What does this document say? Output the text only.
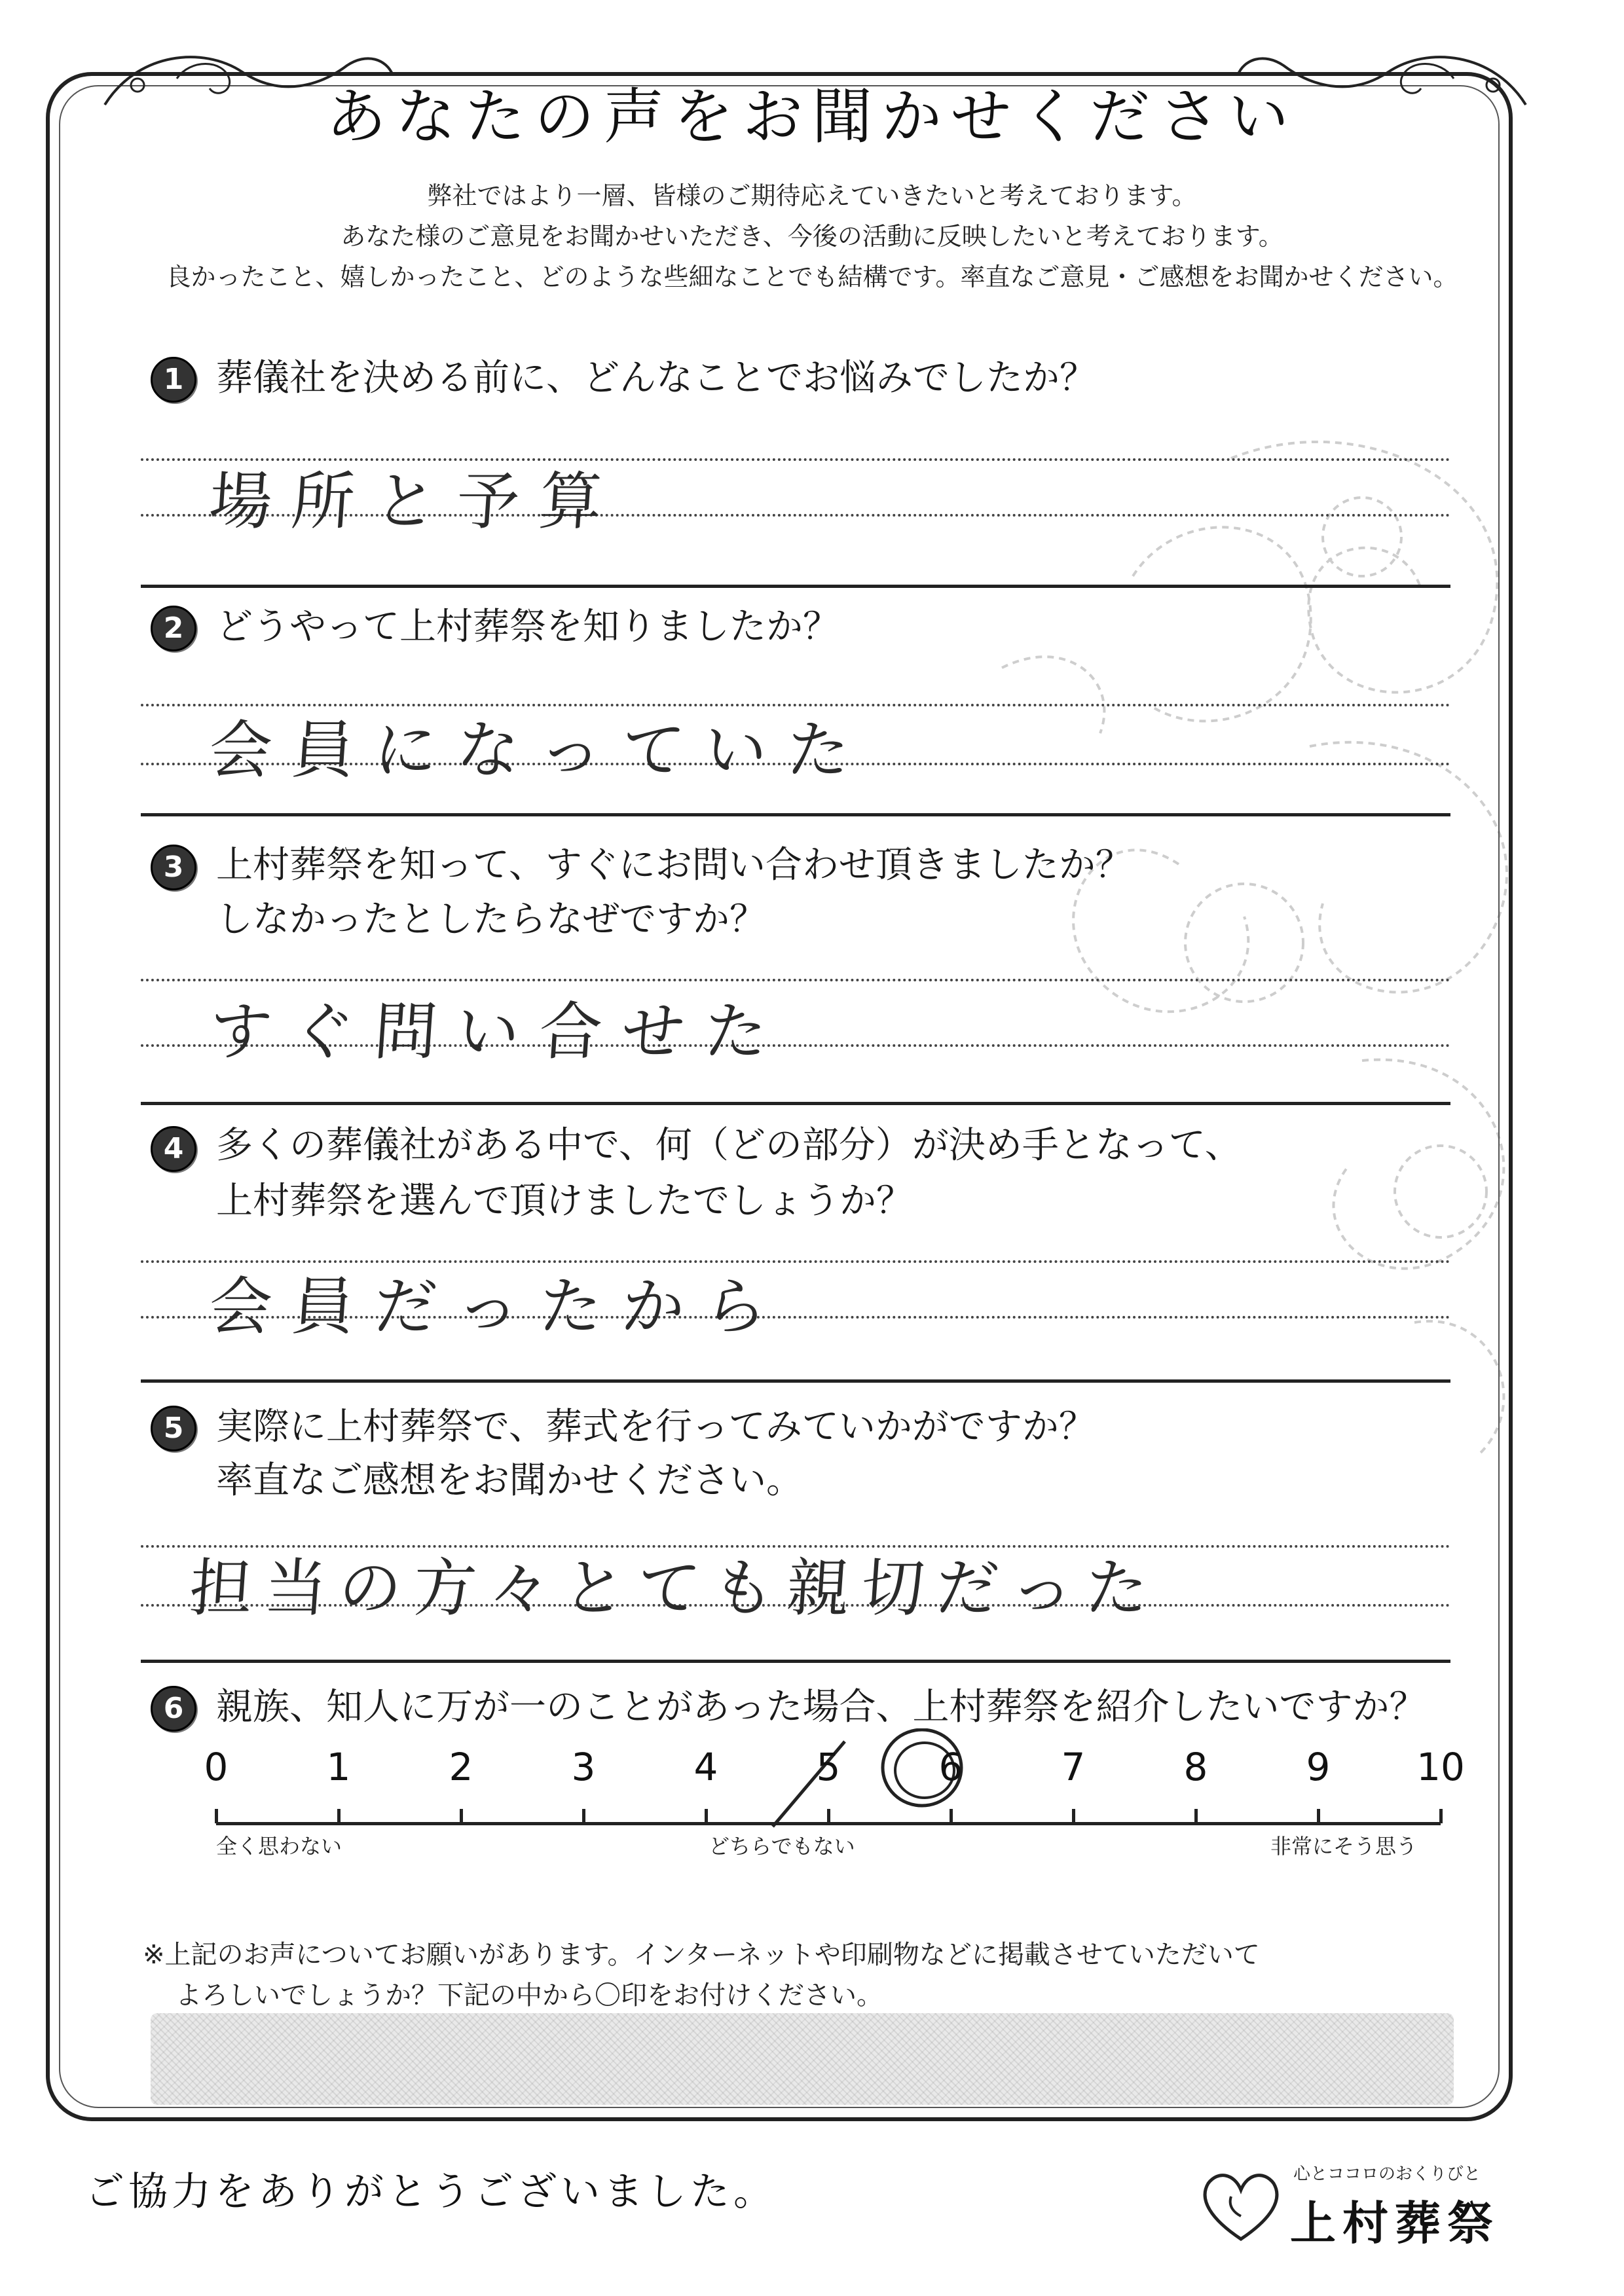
あなたの声をお聞かせください
弊社ではより一層、皆様のご期待応えていきたいと考えております。
あなた様のご意見をお聞かせいただき、今後の活動に反映したいと考えております。
良かったこと、嬉しかったこと、どのような些細なことでも結構です。率直なご意見・ご感想をお聞かせください。
1 葬儀社を決める前に、どんなことでお悩みでしたか？
場所と予算
2 どうやって上村葬祭を知りましたか？
会員になっていた
3 上村葬祭を知って、すぐにお問い合わせ頂きましたか？
しなかったとしたらなぜですか？
すぐ問い合せた
4 多くの葬儀社がある中で、何（どの部分）が決め手となって、
上村葬祭を選んで頂けましたでしょうか？
会員だったから
5 実際に上村葬祭で、葬式を行ってみていかがですか？
率直なご感想をお聞かせください。
担当の方々とても親切だった
6 親族、知人に万が一のことがあった場合、上村葬祭を紹介したいですか？
全く思わない	どちらでもない	非常にそう思う
※上記のお声についてお願いがあります。インターネットや印刷物などに掲載させていただいて
よろしいでしょうか？下記の中から〇印をお付けください。
ご協力をありがとうございました。	心とココロのおくりびと
上村葬祭
0	1	2	3	4	5	6	7	8	9	10
